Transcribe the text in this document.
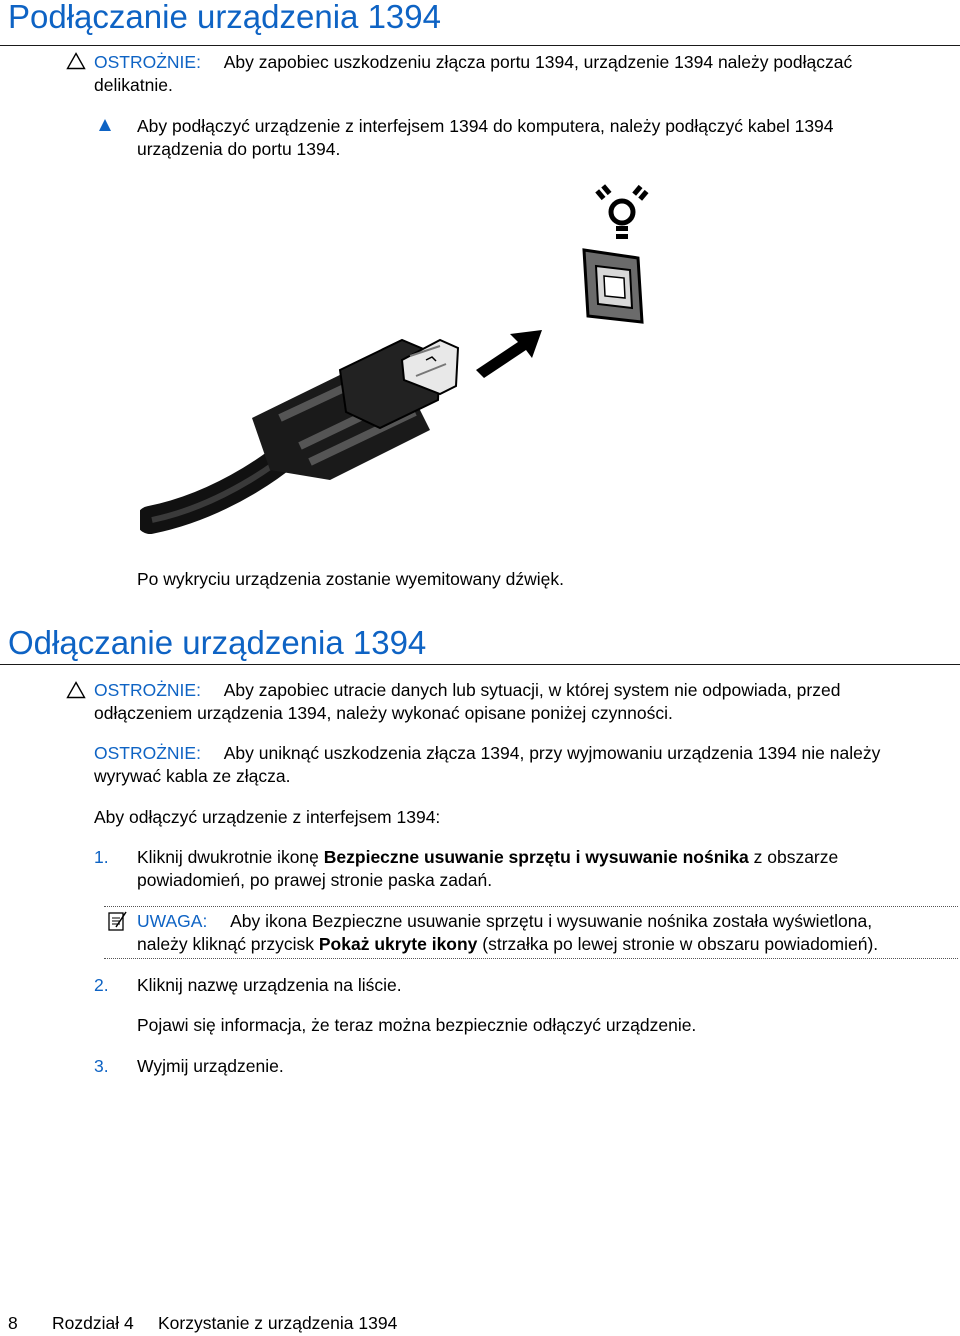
Podłączanie urządzenia 1394
OSTROŻNIE: Aby zapobiec uszkodzeniu złącza portu 1394, urządzenie 1394 należy podłączać
delikatnie.
Aby podłączyć urządzenie z interfejsem 1394 do komputera, należy podłączyć kabel 1394
urządzenia do portu 1394.
Po wykryciu urządzenia zostanie wyemitowany dźwięk.
Odłączanie urządzenia 1394
OSTROŻNIE: Aby zapobiec utracie danych lub sytuacji, w której system nie odpowiada, przed
odłączeniem urządzenia 1394, należy wykonać opisane poniżej czynności.
OSTROŻNIE: Aby uniknąć uszkodzenia złącza 1394, przy wyjmowaniu urządzenia 1394 nie należy
wyrywać kabla ze złącza.
Aby odłączyć urządzenie z interfejsem 1394:
1. Kliknij dwukrotnie ikonę Bezpieczne usuwanie sprzętu i wysuwanie nośnika z obszarze
powiadomień, po prawej stronie paska zadań.
UWAGA: Aby ikona Bezpieczne usuwanie sprzętu i wysuwanie nośnika została wyświetlona,
należy kliknąć przycisk Pokaż ukryte ikony (strzałka po lewej stronie w obszaru powiadomień).
2. Kliknij nazwę urządzenia na liście.
Pojawi się informacja, że teraz można bezpiecznie odłączyć urządzenie.
3. Wyjmij urządzenie.
8 Rozdział 4 Korzystanie z urządzenia 1394
